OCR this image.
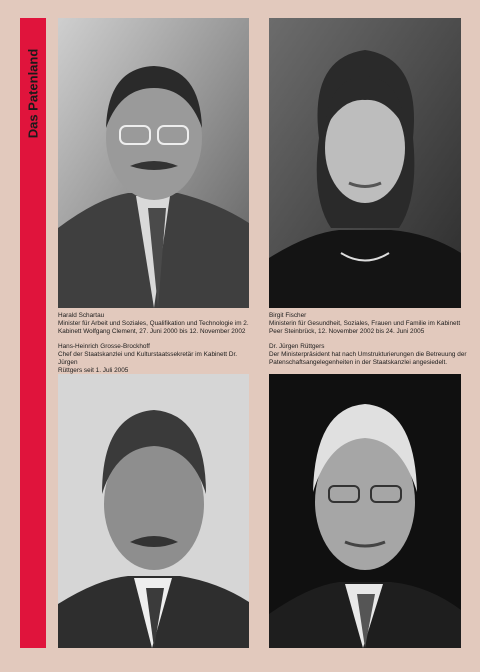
Das Patenland
Harald Schartau
Minister für Arbeit und Soziales, Qualifikation und Technologie im 2.
Kabinett Wolfgang Clement, 27. Juni 2000 bis 12. November 2002
Hans-Heinrich Grosse-Brockhoff
Chef der Staatskanzlei und Kulturstaatssekretär im Kabinett Dr. Jürgen
Rüttgers seit 1. Juli 2005
Birgit Fischer
Ministerin für Gesundheit, Soziales, Frauen und Familie im Kabinett
Peer Steinbrück, 12. November 2002 bis 24. Juni 2005
Dr. Jürgen Rüttgers
Der Ministerpräsident hat nach Umstrukturierungen die Betreuung der
Patenschaftsangelegenheiten in der Staatskanzlei angesiedelt.
